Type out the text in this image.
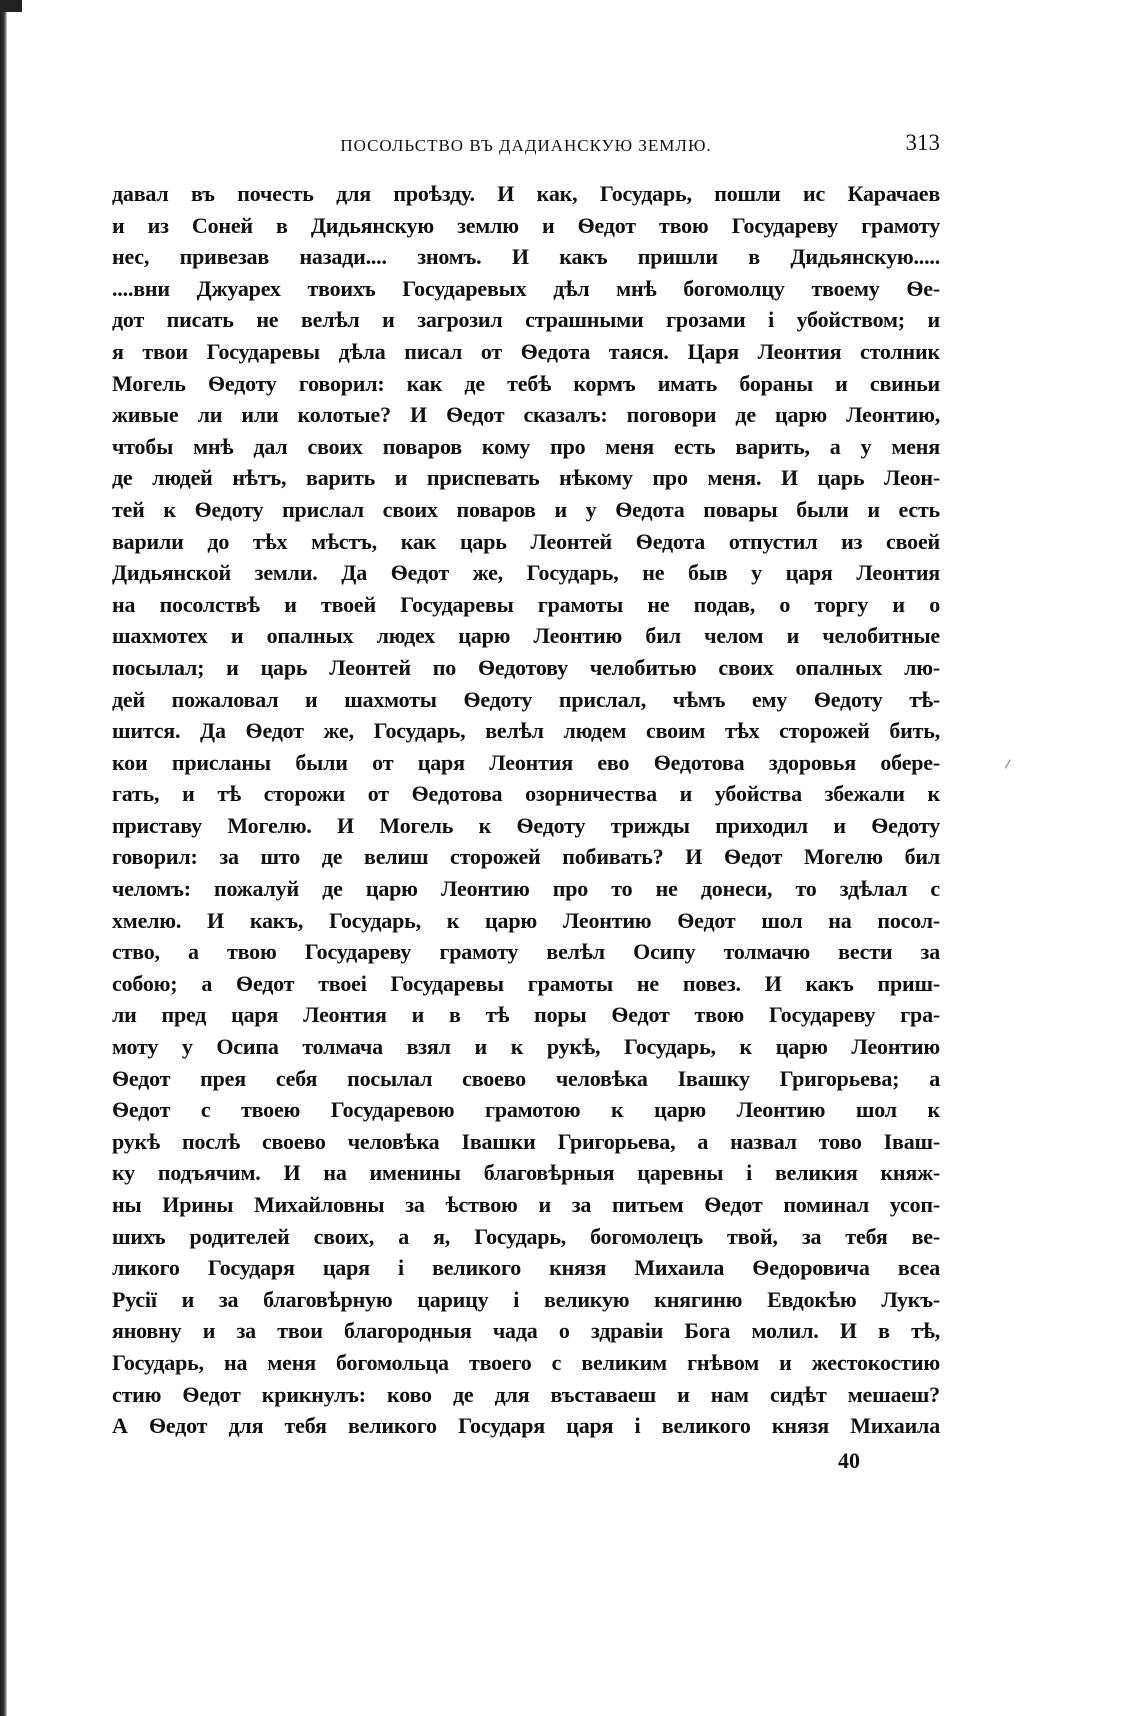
ПОСОЛЬСТВО ВЪ ДАДИАНСКУЮ ЗЕМЛЮ.	313
давал въ почесть для проѣзду. И как, Государь, пошли ис Карачаев
и из Соней в Дидьянскую землю и Ѳедот твою Государеву грамоту
нес, привезав назади.... зномъ. И какъ пришли в Дидьянскую.....
....вни Джуарех твоихъ Государевых дѣл мнѣ богомолцу твоему Ѳе-
дот писать не велѣл и загрозил страшными грозами і убойством; и
я твои Государевы дѣла писал от Ѳедота таяся. Царя Леонтия столник
Могель Ѳедоту говорил: как де тебѣ кормъ имать бораны и свиньи
живые ли или колотые? И Ѳедот сказалъ: поговори де царю Леонтию,
чтобы мнѣ дал своих поваров кому про меня есть варить, а у меня
де людей нѣтъ, варить и приспевать нѣкому про меня. И царь Леон-
тей к Ѳедоту прислал своих поваров и у Ѳедота повары были и есть
варили до тѣх мѣстъ, как царь Леонтей Ѳедота отпустил из своей
Дидьянской земли. Да Ѳедот же, Государь, не быв у царя Леонтия
на посолствѣ и твоей Государевы грамоты не подав, о торгу и о
шахмотех и опалных людех царю Леонтию бил челом и челобитные
посылал; и царь Леонтей по Ѳедотову челобитью своих опалных лю-
дей пожаловал и шахмоты Ѳедоту прислал, чѣмъ ему Ѳедоту тѣ-
шится. Да Ѳедот же, Государь, велѣл людем своим тѣх сторожей бить,
кои присланы были от царя Леонтия ево Ѳедотова здоровья обере-
гать, и тѣ сторожи от Ѳедотова озорничества и убойства збежали к
приставу Могелю. И Могель к Ѳедоту трижды приходил и Ѳедоту
говорил: за што де велиш сторожей побивать? И Ѳедот Могелю бил
челомъ: пожалуй де царю Леонтию про то не донеси, то здѣлал с
хмелю. И какъ, Государь, к царю Леонтию Ѳедот шол на посол-
ство, а твою Государеву грамоту велѣл Осипу толмачю вести за
собою; а Ѳедот твоеі Государевы грамоты не повез. И какъ приш-
ли пред царя Леонтия и в тѣ поры Ѳедот твою Государеву гра-
моту у Осипа толмача взял и к рукѣ, Государь, к царю Леонтию
Ѳедот прея себя посылал своево человѣка Івашку Григорьева; а
Ѳедот с твоею Государевою грамотою к царю Леонтию шол к
рукѣ послѣ своево человѣка Івашки Григорьева, а назвал тово Іваш-
ку подъячим. И на именины благовѣрныя царевны і великия княж-
ны Ирины Михайловны за ѣствою и за питьем Ѳедот поминал усоп-
шихъ родителей своих, а я, Государь, богомолецъ твой, за тебя ве-
ликого Государя царя і великого князя Михаила Ѳедоровича всеа
Русії и за благовѣрную царицу і великую княгиню Евдокѣю Лукъ-
яновну и за твои благородныя чада о здравіи Бога молил. И в тѣ,
Государь, на меня богомольца твоего с великим гнѣвом и жестокостию
стию Ѳедот крикнулъ: ково де для въставаеш и нам сидѣт мешаеш?
А Ѳедот для тебя великого Государя царя і великого князя Михаила
40
